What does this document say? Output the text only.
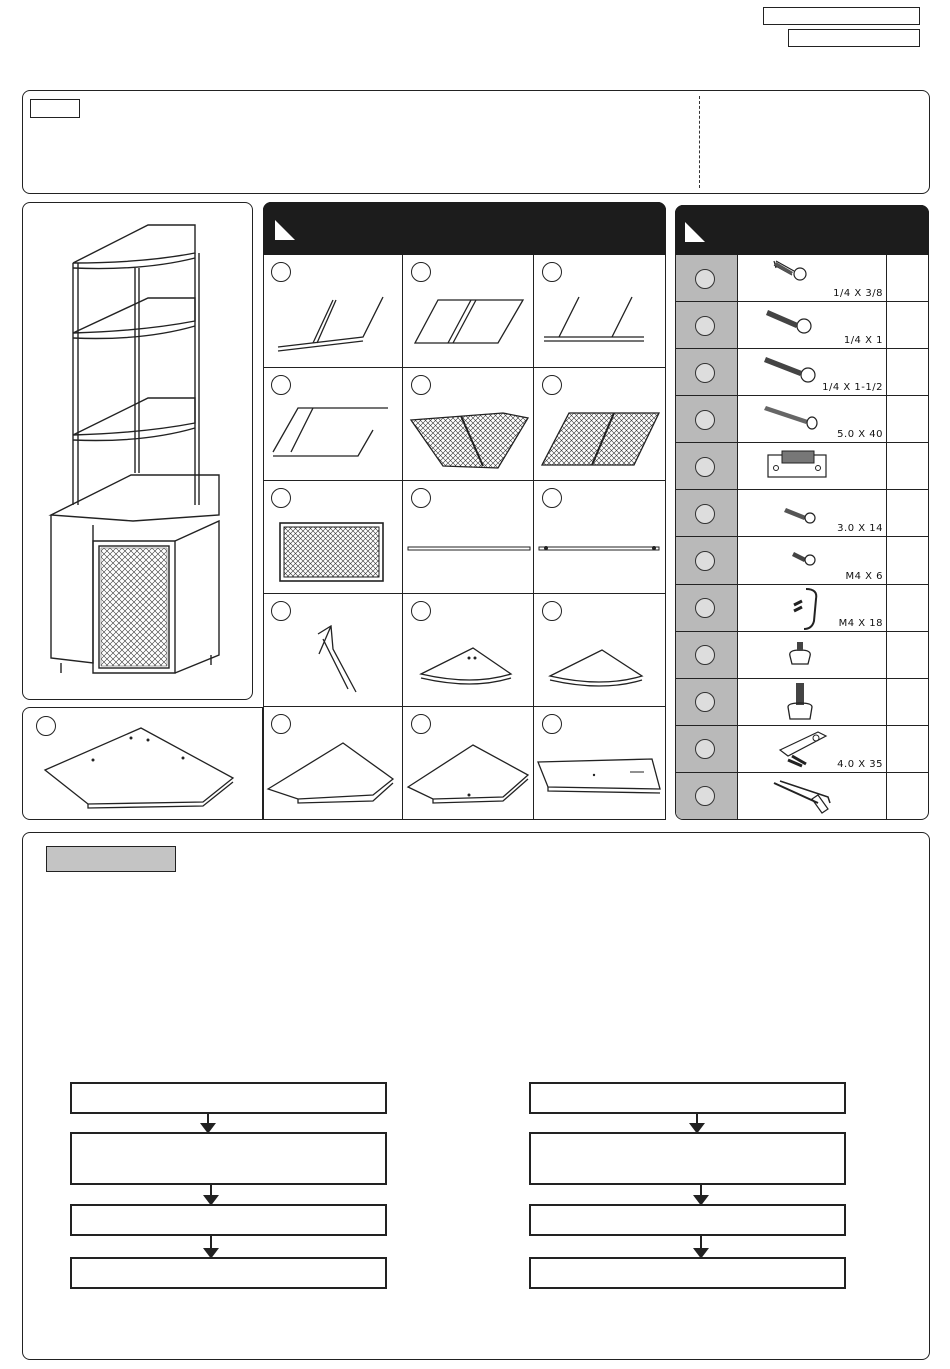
1/4 X 3/8
1/4 X 1
1/4 X 1-1/2
5.0 X 40
3.0 X 14
M4 X 6
M4 X 18
4.0 X 35
